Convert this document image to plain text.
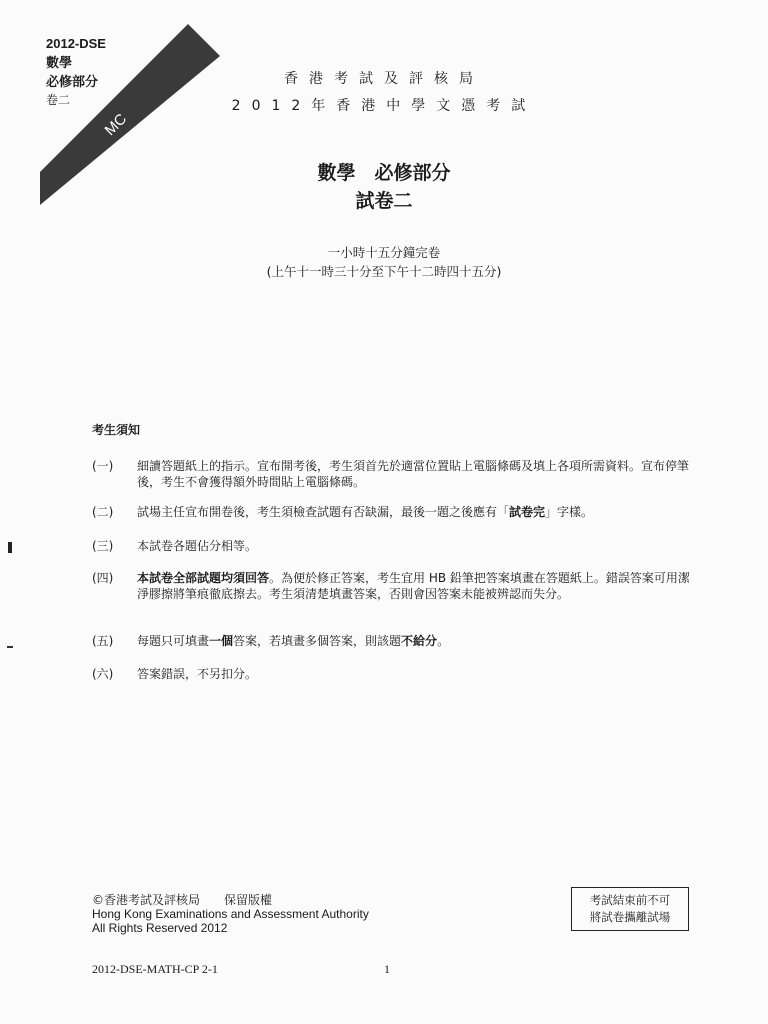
MC
2012-DSE
數學
必修部分
卷二
香港考試及評核局
2012年香港中學文憑考試
數學　必修部分
試卷二
一小時十五分鐘完卷
(上午十一時三十分至下午十二時四十五分)
考生須知
(一)	細讀答題紙上的指示。宣布開考後，考生須首先於適當位置貼上電腦條碼及填上各項所需資料。宣布停筆後，考生不會獲得額外時間貼上電腦條碼。
(二)	試場主任宣布開卷後，考生須檢查試題有否缺漏，最後一題之後應有「試卷完」字樣。
(三)	本試卷各題佔分相等。
(四)	本試卷全部試題均須回答。為便於修正答案，考生宜用 HB 鉛筆把答案填畫在答題紙上。錯誤答案可用潔淨膠擦將筆痕徹底擦去。考生須清楚填畫答案，否則會因答案未能被辨認而失分。
(五)	每題只可填畫一個答案，若填畫多個答案，則該題不給分。
(六)	答案錯誤，不另扣分。
©香港考試及評核局　　保留版權
Hong Kong Examinations and Assessment Authority
All Rights Reserved 2012
考試結束前不可
將試卷攜離試場
2012-DSE-MATH-CP 2-1	1
